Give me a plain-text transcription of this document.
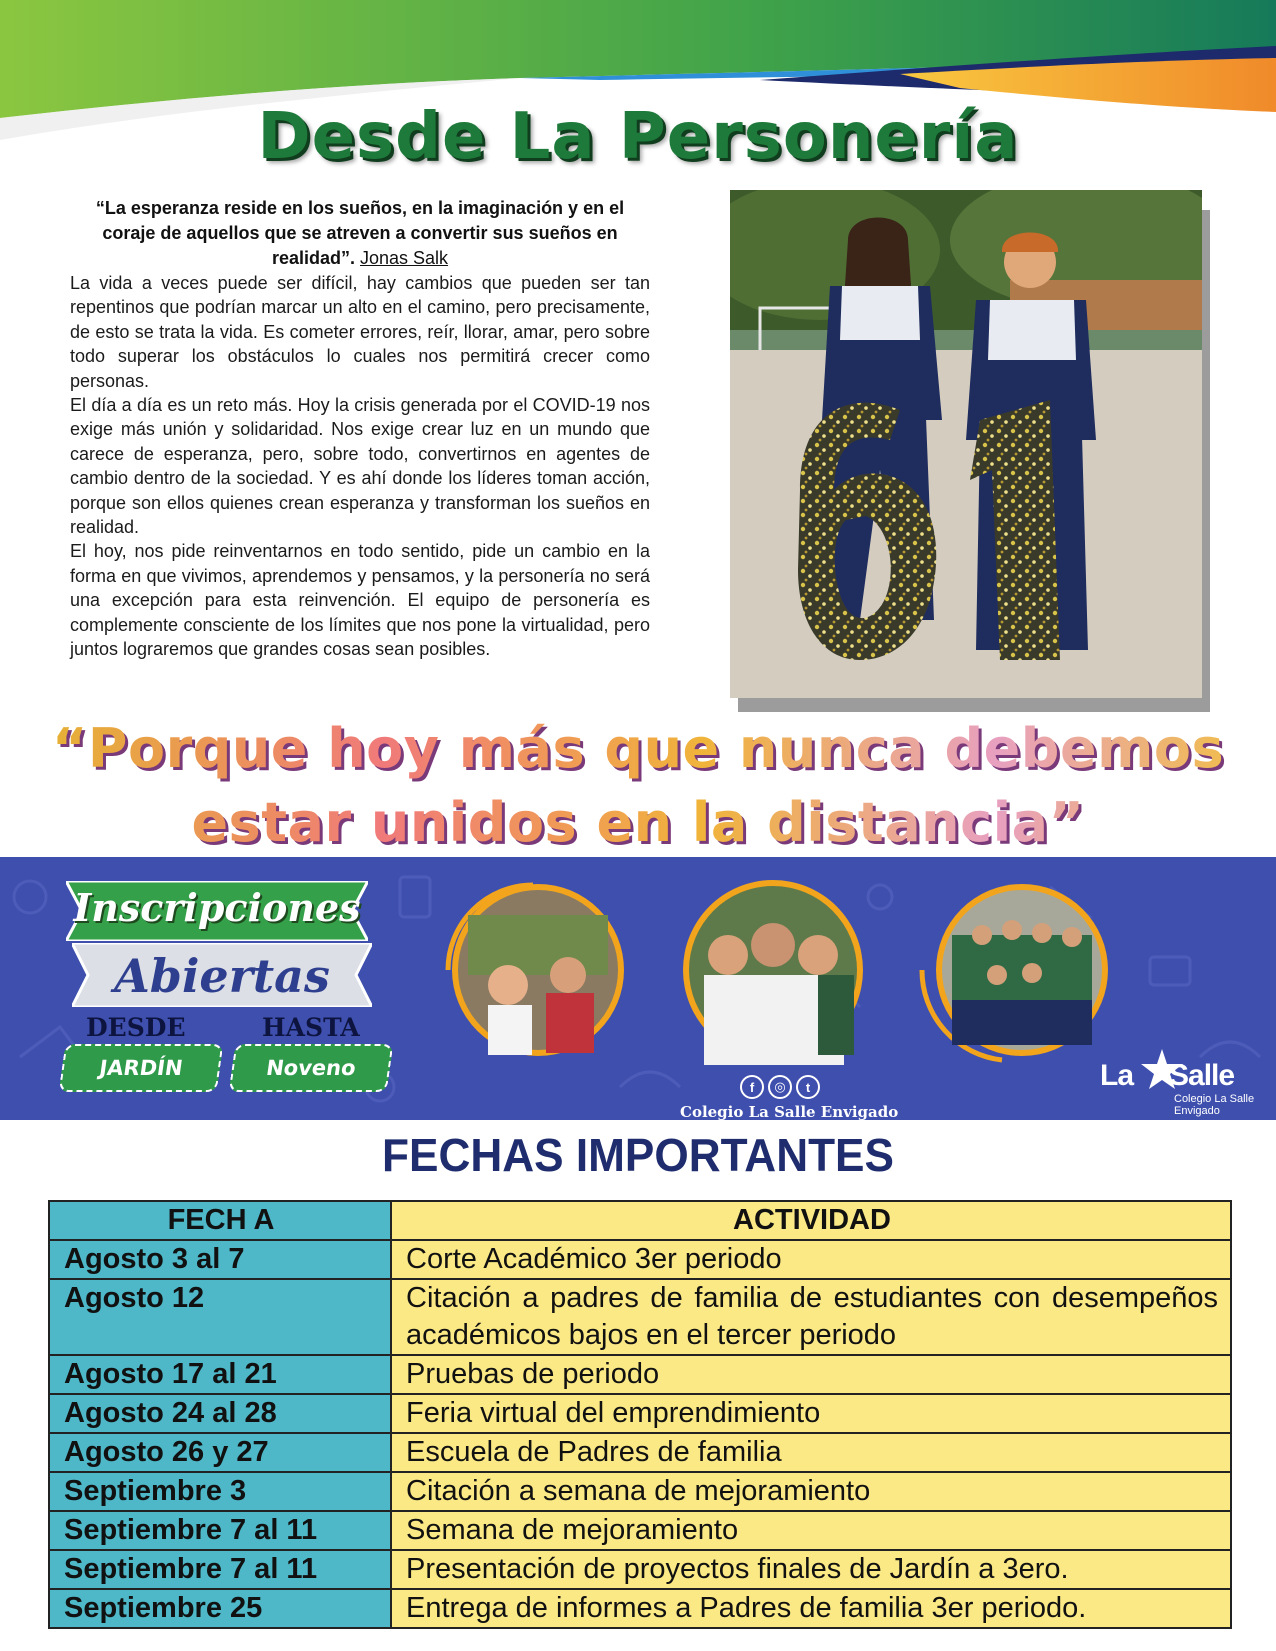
Desde La Personería

“La esperanza reside en los sueños, en la imaginación y en el coraje de aquellos que se atreven a convertir sus sueños en realidad”. Jonas Salk

La vida a veces puede ser difícil, hay cambios que pueden ser tan repentinos que podrían marcar un alto en el camino, pero precisamente, de esto se trata la vida. Es cometer errores, reír, llorar, amar, pero sobre todo superar los obstáculos lo cuales nos permitirá crecer como personas.

El día a día es un reto más. Hoy la crisis generada por el COVID-19 nos exige más unión y solidaridad. Nos exige crear luz en un mundo que carece de esperanza, pero, sobre todo, convertirnos en agentes de cambio dentro de la sociedad. Y es ahí donde los líderes toman acción, porque son ellos quienes crean esperanza y transforman los sueños en realidad.

El hoy, nos pide reinventarnos en todo sentido, pide un cambio en la forma en que vivimos, aprendemos y pensamos, y la personería no será una excepción para esta reinvención. El equipo de personería es complemente consciente de los límites que nos pone la virtualidad, pero juntos lograremos que grandes cosas sean posibles.

“Porque hoy más que nunca debemos
estar unidos en la distancia”
Inscripciones
Abiertas
DESDE	HASTA
JARDÍN	Noveno
f	◎	t
Colegio La Salle Envigado
La Salle
Colegio La Salle
Envigado
FECHAS IMPORTANTES
FECH A	ACTIVIDAD
Agosto 3 al 7	Corte Académico 3er periodo
Agosto 12	Citación a padres de familia de estudiantes con desempeños académicos bajos en el tercer periodo
Agosto 17 al 21	Pruebas de periodo
Agosto 24 al 28	Feria virtual del emprendimiento
Agosto 26 y 27	Escuela de Padres de familia
Septiembre 3	Citación a semana de mejoramiento
Septiembre 7 al 11	Semana de mejoramiento
Septiembre 7 al 11	Presentación de proyectos finales de Jardín a 3ero.
Septiembre 25	Entrega de informes a Padres de familia 3er periodo.
